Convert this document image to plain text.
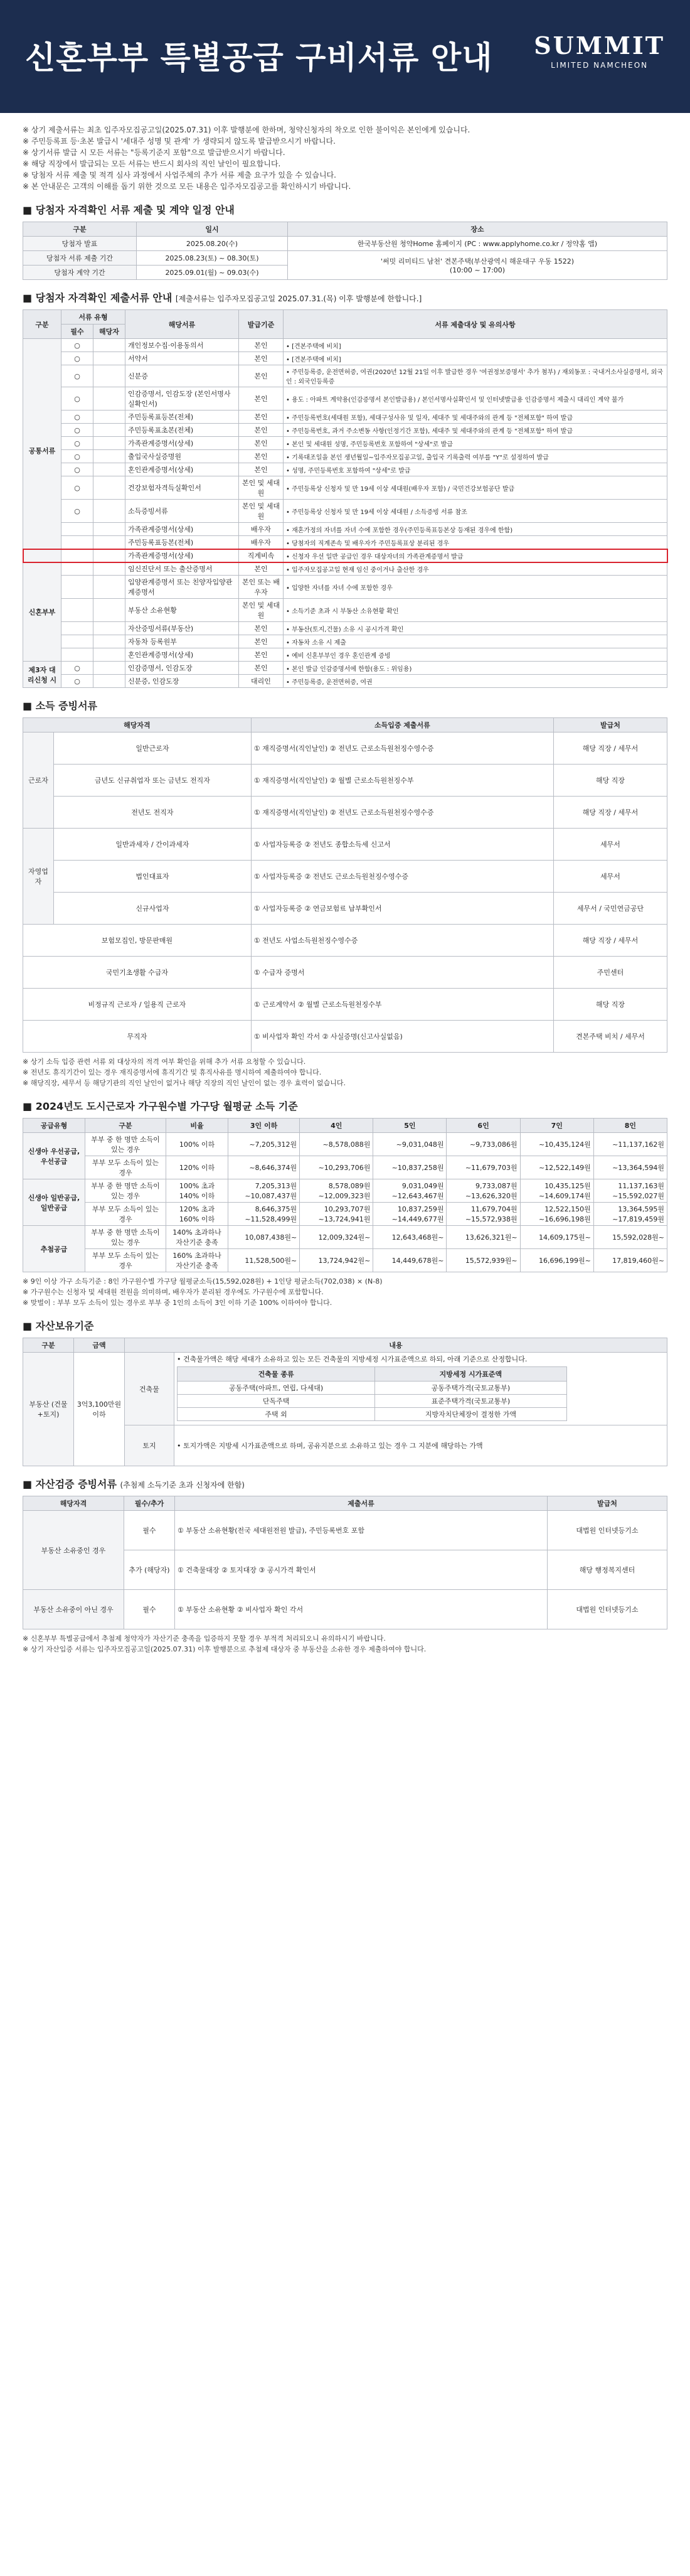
신혼부부 특별공급 구비서류 안내 SUMMIT
LIMITED NAMCHEON

※ 상기 제출서류는 최초 입주자모집공고일(2025.07.31) 이후 발행분에 한하며, 청약신청자의 착오로 인한 불이익은 본인에게 있습니다.

※ 주민등록표 등·초본 발급시 '세대주 성명 및 관계' 가 생략되지 않도록 발급받으시기 바랍니다.

※ 상기서류 발급 시 모든 서류는 "등록기준지 포함"으로 발급받으시기 바랍니다.

※ 해당 직장에서 발급되는 모든 서류는 반드시 회사의 직인 날인이 필요합니다.

※ 당첨자 서류 제출 및 적격 심사 과정에서 사업주체의 추가 서류 제출 요구가 있을 수 있습니다.

※ 본 안내문은 고객의 이해를 돕기 위한 것으로 모든 내용은 입주자모집공고를 확인하시기 바랍니다.

■ 당첨자 자격확인 서류 제출 및 계약 일정 안내
구분	일시	장소
당첨자 발표	2025.08.20(수)	한국부동산원 청약Home 홈페이지 (PC : www.applyhome.co.kr / 정약홈 앱)
당첨자 서류 제출 기간	2025.08.23(토) ~ 08.30(토)	'써밋 리미티드 남천' 견본주택(부산광역시 해운대구 우동 1522)
(10:00 ~ 17:00)
당첨자 계약 기간	2025.09.01(월) ~ 09.03(수)	
■ 당첨자 자격확인 제출서류 안내 [제출서류는 입주자모집공고일 2025.07.31.(목) 이후 발행분에 한합니다.]
구분	서류 유형		해당서류	발급기준	서류 제출대상 및 유의사항
	필수	해당자			
공통서류	○		개인정보수집·이용동의서	본인	• [견본주택에 비치]
	○		서약서	본인	• [견본주택에 비치]
	○		신분증	본인	• 주민등록증, 운전면허증, 여권(2020년 12월 21일 이후 발급한 경우 '여권정보증명서' 추가 첨부) / 재외동포 : 국내거소사실증명서, 외국인 : 외국인등록증
	○		인감증명서, 인감도장 (본인서명사실확인서)	본인	• 용도 : 아파트 계약용(인감증명서 본인발급용) / 본인서명사실확인서 및 인터넷발급용 인감증명서 제출시 대리인 계약 불가
	○		주민등록표등본(전체)	본인	• 주민등록번호(세대원 포함), 세대구성사유 및 일자, 세대주 및 세대주와의 관계 등 "전체포함" 하여 발급
	○		주민등록표초본(전체)	본인	• 주민등록번호, 과거 주소변동 사항(인정기간 포함), 세대주 및 세대주와의 관계 등 "전체포함" 하여 발급
	○		가족관계증명서(상세)	본인	• 본인 및 세대원 성명, 주민등록번호 포함하여 "상세"로 발급
	○		출입국사실증명원	본인	• 기록대조일을 본인 생년월일~입주자모집공고일, 출입국 기록출력 여부를 "Y"로 설정하여 발급
	○		혼인관계증명서(상세)	본인	• 성명, 주민등록번호 포함하여 "상세"로 발급
	○		건강보험자격득실확인서	본인 및 세대원	• 주민등록상 신청자 및 만 19세 이상 세대원(배우자 포함) / 국민건강보험공단 발급
	○		소득증빙서류	본인 및 세대원	• 주민등록상 신청자 및 만 19세 이상 세대원 / 소득증빙 서류 참조
			가족관계증명서(상세)	배우자	• 재혼가정의 자녀를 자녀 수에 포함한 경우(주민등록표등본상 등재된 경우에 한함)
			주민등록표등본(전체)	배우자	• 당첨자의 직계존속 및 배우자가 주민등록표상 분리된 경우
			가족관계증명서(상세)	직계비속	• 신청자 우선 일반 공급인 경우 대상자녀의 가족관계증명서 발급
신혼부부			임신진단서 또는 출산증명서	본인	• 입주자모집공고일 현재 임신 중이거나 출산한 경우
			입양관계증명서 또는 친양자입양관계증명서	본인 또는 배우자	• 입양한 자녀를 자녀 수에 포함한 경우
			부동산 소유현황	본인 및 세대원	• 소득기준 초과 시 부동산 소유현황 확인
			자산증빙서류(부동산)	본인	• 부동산(토지,건물) 소유 시 공시가격 확인
			자동차 등록원부	본인	• 자동차 소유 시 제출
			혼인관계증명서(상세)	본인	• 예비 신혼부부인 경우 혼인관계 증빙
제3자 대리신청 시	○		인감증명서, 인감도장	본인	• 본인 발급 인감증명서에 한함(용도 : 위임용)
	○		신분증, 인감도장	대리인	• 주민등록증, 운전면허증, 여권
■ 소득 증빙서류
해당자격		소득입증 제출서류	발급처
근로자	일반근로자	① 재직증명서(직인날인) ② 전년도 근로소득원천징수영수증	해당 직장 / 세무서
	금년도 신규취업자 또는 금년도 전직자	① 재직증명서(직인날인) ② 월별 근로소득원천징수부	해당 직장
	전년도 전직자	① 재직증명서(직인날인) ② 전년도 근로소득원천징수영수증	해당 직장 / 세무서
자영업자	일반과세자 / 간이과세자	① 사업자등록증 ② 전년도 종합소득세 신고서	세무서
	법인대표자	① 사업자등록증 ② 전년도 근로소득원천징수영수증	세무서
	신규사업자	① 사업자등록증 ② 연금보험료 납부확인서	세무서 / 국민연금공단
보험모집인, 방문판매원		① 전년도 사업소득원천징수영수증	해당 직장 / 세무서
국민기초생활 수급자		① 수급자 증명서	주민센터
비정규직 근로자 / 일용직 근로자		① 근로계약서 ② 월별 근로소득원천징수부	해당 직장
무직자		① 비사업자 확인 각서 ② 사실증명(신고사실없음)	견본주택 비치 / 세무서

※ 상기 소득 입증 관련 서류 외 대상자의 적격 여부 확인을 위해 추가 서류 요청할 수 있습니다.

※ 전년도 휴직기간이 있는 경우 재직증명서에 휴직기간 및 휴직사유를 명시하여 제출하여야 합니다.

※ 해당직장, 세무서 등 해당기관의 직인 날인이 없거나 해당 직장의 직인 날인이 없는 경우 효력이 없습니다.

■ 2024년도 도시근로자 가구원수별 가구당 월평균 소득 기준
공급유형	구분	비율	3인 이하	4인	5인	6인	7인	8인
신생아 우선공급, 우선공급	부부 중 한 명만 소득이 있는 경우	100% 이하	~7,205,312원	~8,578,088원	~9,031,048원	~9,733,086원	~10,435,124원	~11,137,162원
	부부 모두 소득이 있는 경우	120% 이하	~8,646,374원	~10,293,706원	~10,837,258원	~11,679,703원	~12,522,149원	~13,364,594원
신생아 일반공급, 일반공급	부부 중 한 명만 소득이 있는 경우	100% 초과 140% 이하	7,205,313원~10,087,437원	8,578,089원~12,009,323원	9,031,049원~12,643,467원	9,733,087원~13,626,320원	10,435,125원~14,609,174원	11,137,163원~15,592,027원
	부부 모두 소득이 있는 경우	120% 초과 160% 이하	8,646,375원~11,528,499원	10,293,707원~13,724,941원	10,837,259원~14,449,677원	11,679,704원~15,572,938원	12,522,150원~16,696,198원	13,364,595원~17,819,459원
추첨공급	부부 중 한 명만 소득이 있는 경우	140% 초과하나 자산기준 충족	10,087,438원~	12,009,324원~	12,643,468원~	13,626,321원~	14,609,175원~	15,592,028원~
	부부 모두 소득이 있는 경우	160% 초과하나 자산기준 충족	11,528,500원~	13,724,942원~	14,449,678원~	15,572,939원~	16,696,199원~	17,819,460원~

※ 9인 이상 가구 소득기준 : 8인 가구원수별 가구당 월평균소득(15,592,028원) + 1인당 평균소득(702,038) × (N-8)

※ 가구원수는 신청자 및 세대원 전원을 의미하며, 배우자가 분리된 경우에도 가구원수에 포함합니다.

※ 맞벌이 : 부부 모두 소득이 있는 경우로 부부 중 1인의 소득이 3인 이하 기준 100% 이하여야 합니다.

■ 자산보유기준
구분	금액	내용
부동산 (건물+토지)	3억3,100만원 이하	건축물	
• 건축물가액은 해당 세대가 소유하고 있는 모든 건축물의 지방세정 시가표준액으로 하되, 아래 기준으로 산정합니다.
건축물 종류	지방세정 시가표준액
공동주택(아파트, 연립, 다세대)	공동주택가격(국토교통부)
단독주택	표준주택가격(국토교통부)
주택 외	지방자치단체장이 결정한 가액

토지	• 토지가액은 지방세 시가표준액으로 하며, 공유지분으로 소유하고 있는 경우 그 지분에 해당하는 가액
■ 자산검증 증빙서류 (추첨제 소득기준 초과 신청자에 한함)
해당자격	필수/추가	제출서류	발급처
부동산 소유중인 경우	필수	① 부동산 소유현황(전국 세대원전원 발급), 주민등록번호 포함	대법원 인터넷등기소
	추가 (해당자)	① 건축물대장 ② 토지대장 ③ 공시가격 확인서	해당 행정복지센터
부동산 소유중이 아닌 경우	필수	① 부동산 소유현황 ② 비사업자 확인 각서	대법원 인터넷등기소

※ 신혼부부 특별공급에서 추첨제 청약자가 자산기준 충족을 입증하지 못할 경우 부적격 처리되오니 유의하시기 바랍니다.

※ 상기 자산입증 서류는 입주자모집공고일(2025.07.31) 이후 발행분으로 추첨제 대상자 중 부동산을 소유한 경우 제출하여야 합니다.
